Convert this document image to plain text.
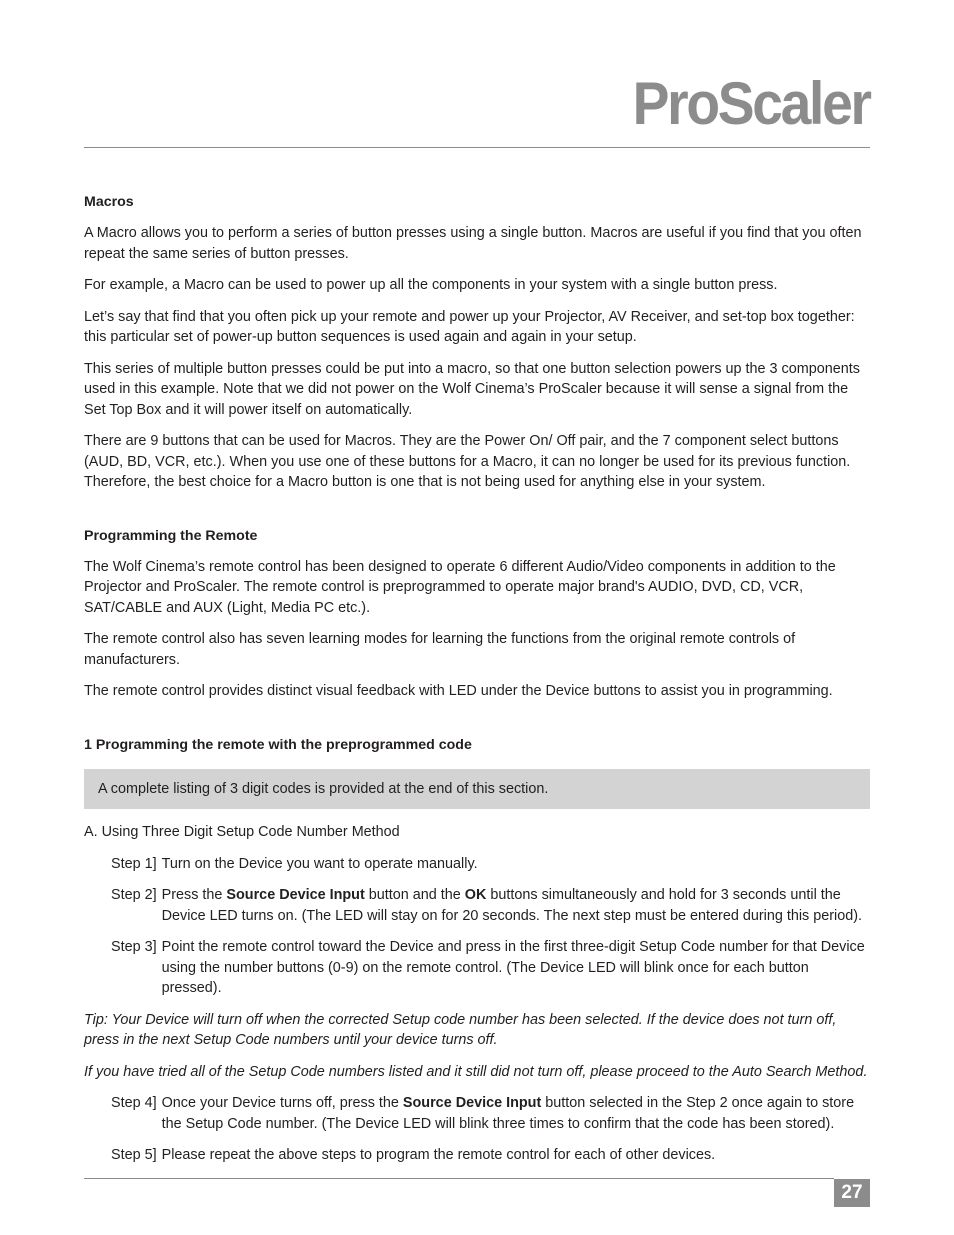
ProScaler
Macros

A Macro allows you to perform a series of button presses using a single button. Macros are useful if you find that you often repeat the same series of button presses.

For example, a Macro can be used to power up all the components in your system with a single button press.

Let’s say that find that you often pick up your remote and power up your Projector, AV Receiver, and set-top box together: this particular set of power-up button sequences is used again and again in your setup.

This series of multiple button presses could be put into a macro, so that one button selection powers up the 3 components used in this example. Note that we did not power on the Wolf Cinema’s ProScaler because it will sense a signal from the Set Top Box and it will power itself on automatically.

There are 9 buttons that can be used for Macros. They are the Power On/ Off pair, and the 7 component select buttons (AUD, BD, VCR, etc.). When you use one of these buttons for a Macro, it can no longer be used for its previous function. Therefore, the best choice for a Macro button is one that is not being used for anything else in your system.

Programming the Remote

The Wolf Cinema’s remote control has been designed to operate 6 different Audio/Video components in addition to the Projector and ProScaler. The remote control is preprogrammed to operate major brand's AUDIO, DVD, CD, VCR, SAT/CABLE and AUX (Light, Media PC etc.).

The remote control also has seven learning modes for learning the functions from the original remote controls of manufacturers.

The remote control provides distinct visual feedback with LED under the Device buttons to assist you in programming.

1 Programming the remote with the preprogrammed code
A complete listing of 3 digit codes is provided at the end of this section.

A. Using Three Digit Setup Code Number Method

Step 1] Turn on the Device you want to operate manually.
Step 2] Press the Source Device Input button and the OK buttons simultaneously and hold for 3 seconds until the Device LED turns on. (The LED will stay on for 20 seconds. The next step must be entered during this period).
Step 3] Point the remote control toward the Device and press in the first three-digit Setup Code number for that Device using the number buttons (0-9) on the remote control. (The Device LED will blink once for each button pressed).

Tip: Your Device will turn off when the corrected Setup code number has been selected. If the device does not turn off, press in the next Setup Code numbers until your device turns off.

If you have tried all of the Setup Code numbers listed and it still did not turn off, please proceed to the Auto Search Method.

Step 4] Once your Device turns off, press the Source Device Input button selected in the Step 2 once again to store the Setup Code number. (The Device LED will blink three times to confirm that the code has been stored).
Step 5] Please repeat the above steps to program the remote control for each of other devices.
27
